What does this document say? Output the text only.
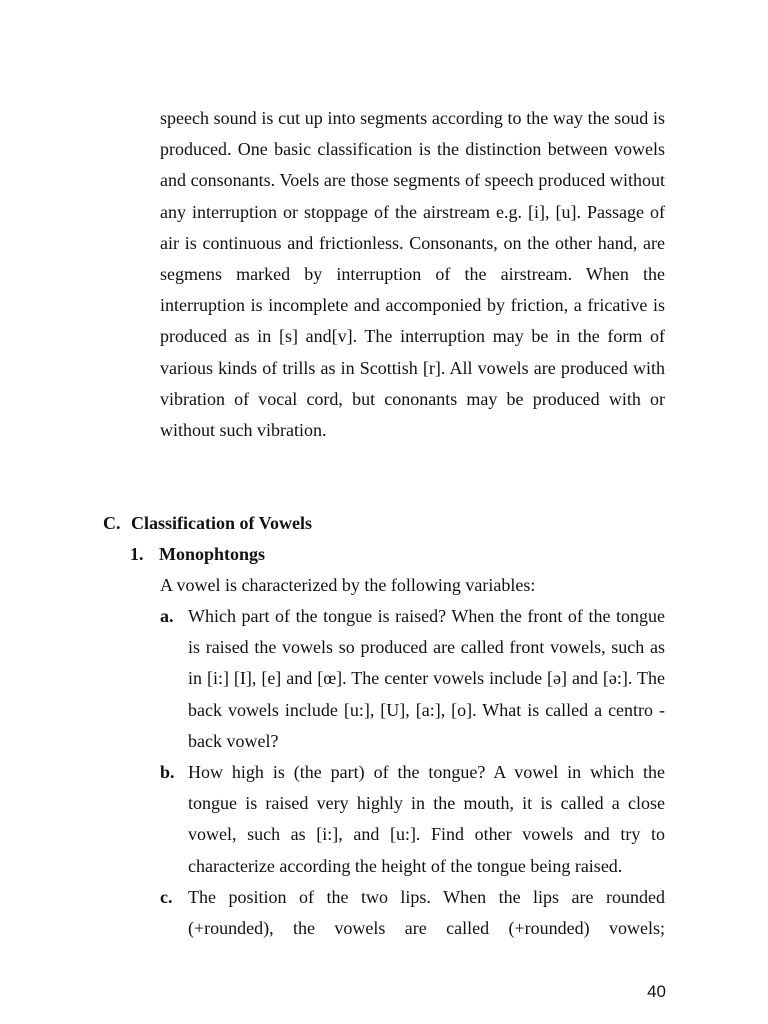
speech sound is cut up into segments according to the way the soud is produced. One basic classification is the distinction between vowels and consonants. Voels are those segments of speech produced without any interruption or stoppage of the airstream e.g. [i], [u]. Passage of air is continuous and frictionless. Consonants, on the other hand, are segmens marked by interruption of the airstream. When the interruption is incomplete and accomponied by friction, a fricative is produced as in [s] and[v]. The interruption may be in the form of various kinds of trills as in Scottish [r]. All vowels are produced with vibration of vocal cord, but cononants may be produced with or without such vibration.

C. Classification of Vowels
1. Monophtongs

A vowel is characterized by the following variables:

a. Which part of the tongue is raised? When the front of the tongue is raised the vowels so produced are called front vowels, such as in [i:] [I], [e] and [œ]. The center vowels include [ə] and [ə:]. The back vowels include [u:], [U], [a:], [o]. What is called a centro - back vowel?
b. How high is (the part) of the tongue? A vowel in which the tongue is raised very highly in the mouth, it is called a close vowel, such as [i:], and [u:]. Find other vowels and try to characterize according the height of the tongue being raised.
c. The position of the two lips. When the lips are rounded (+rounded), the vowels are called (+rounded) vowels;
40
